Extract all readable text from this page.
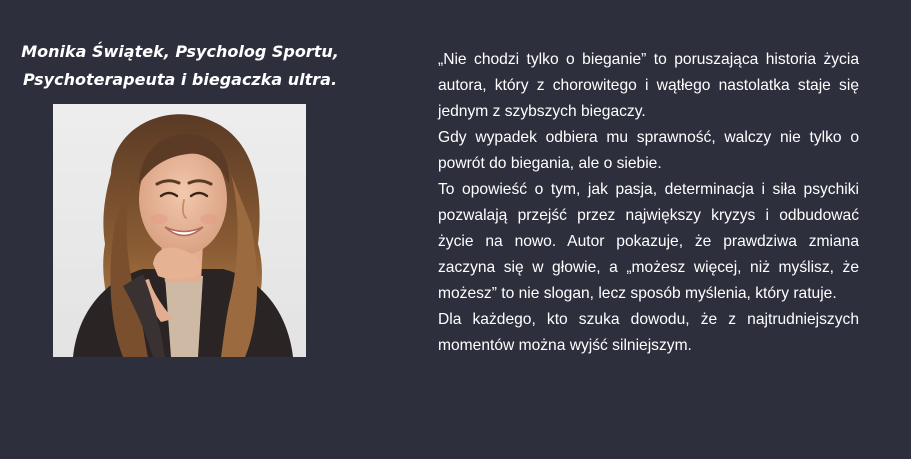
Monika Świątek, Psycholog Sportu,
Psychoterapeuta i biegaczka ultra.

„Nie chodzi tylko o bieganie” to poruszająca historia życia autora, który z chorowitego i wątłego nastolatka staje się jednym z szybszych biegaczy.

Gdy wypadek odbiera mu sprawność, walczy nie tylko o powrót do biegania, ale o siebie.

To opowieść o tym, jak pasja, determinacja i siła psychiki pozwalają przejść przez największy kryzys i odbudować życie na nowo. Autor pokazuje, że prawdziwa zmiana zaczyna się w głowie, a „możesz więcej, niż myślisz, że możesz” to nie slogan, lecz sposób myślenia, który ratuje.

Dla każdego, kto szuka dowodu, że z najtrudniejszych momentów można wyjść silniejszym.
